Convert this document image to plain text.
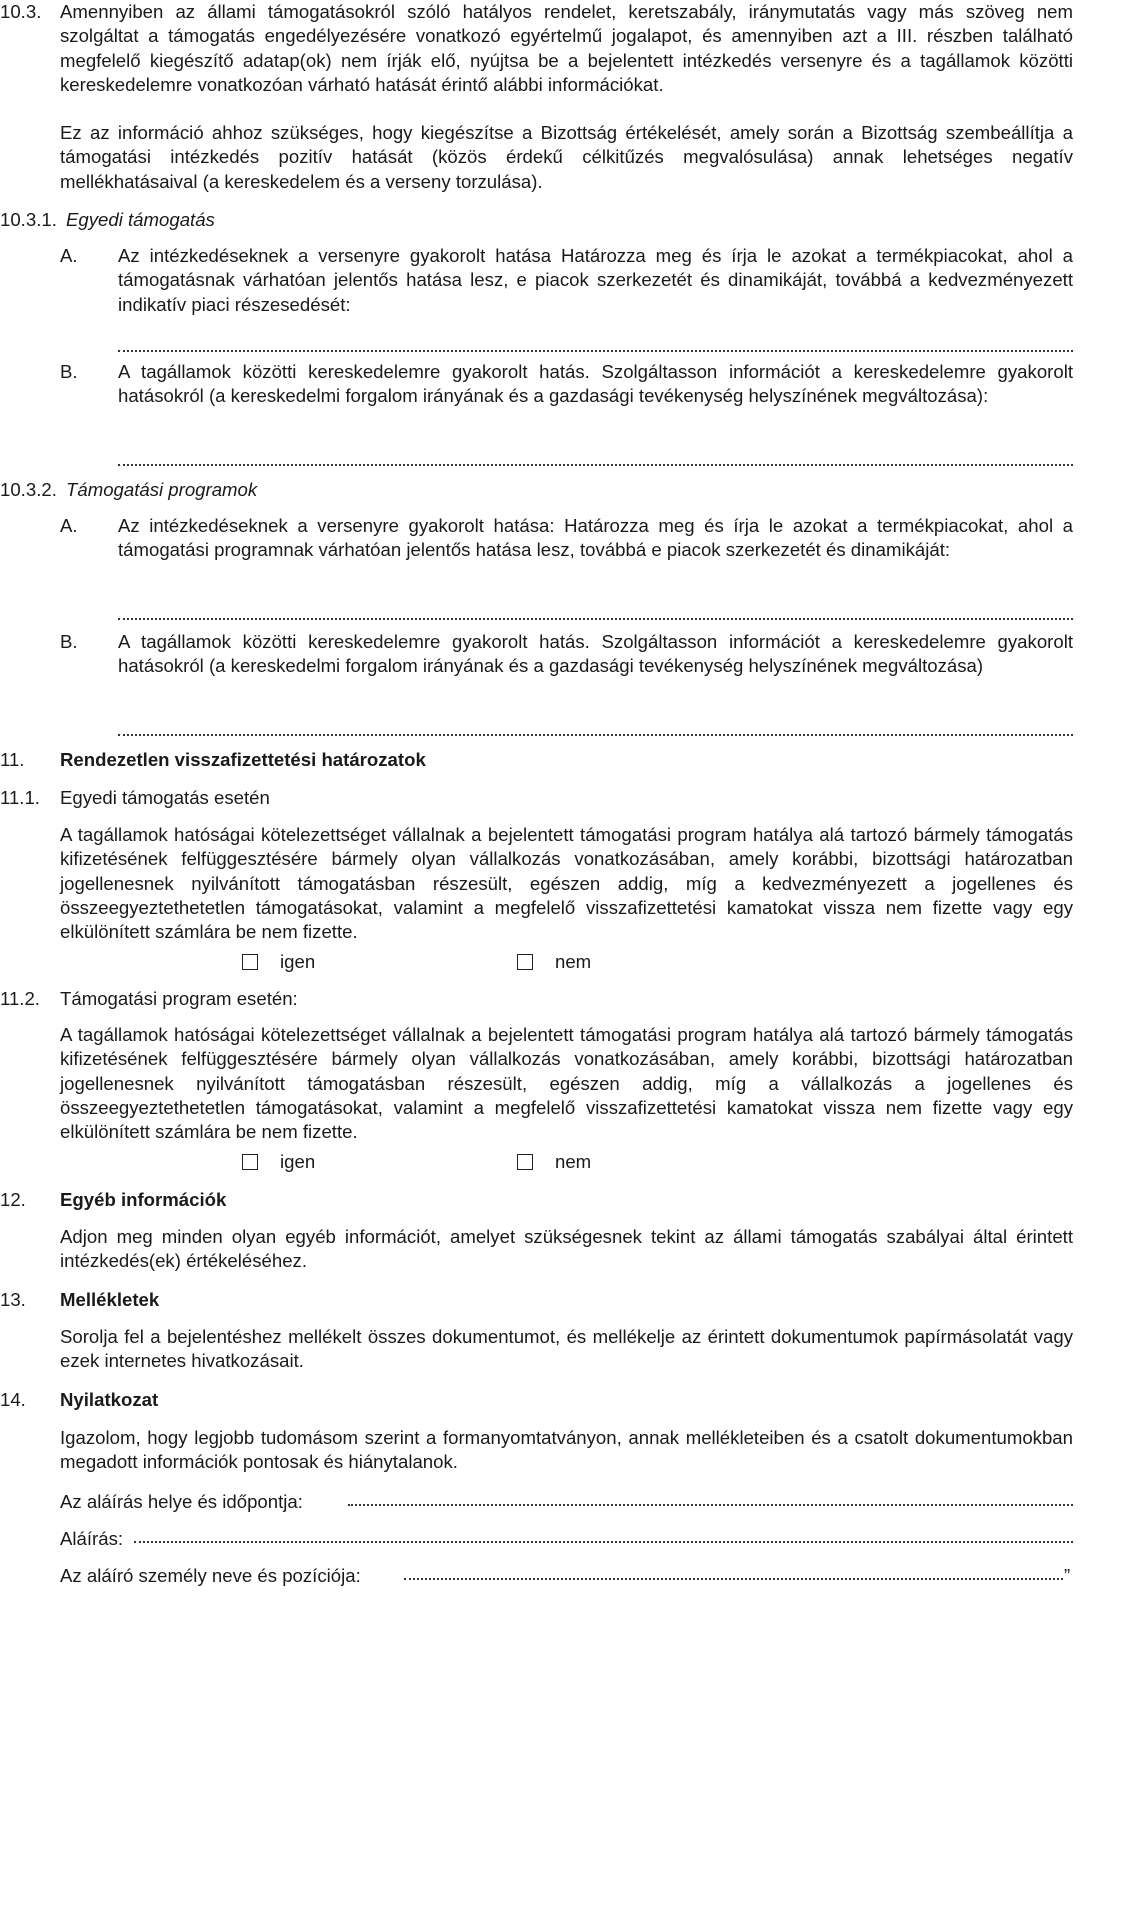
10.3. Amennyiben az állami támogatásokról szóló hatályos rendelet, keretszabály, iránymutatás vagy más szöveg nem szolgáltat a támogatás engedélyezésére vonatkozó egyértelmű jogalapot, és amennyiben azt a III. részben található megfelelő kiegészítő adatap(ok) nem írják elő, nyújtsa be a bejelentett intézkedés versenyre és a tagállamok közötti kereskedelemre vonatkozóan várható hatását érintő alábbi információkat.
Ez az információ ahhoz szükséges, hogy kiegészítse a Bizottság értékelését, amely során a Bizottság szembeállítja a támogatási intézkedés pozitív hatását (közös érdekű célkitűzés megvalósulása) annak lehetséges negatív mellékhatásaival (a kereskedelem és a verseny torzulása).
10.3.1. Egyedi támogatás
A. Az intézkedéseknek a versenyre gyakorolt hatása Határozza meg és írja le azokat a termékpiacokat, ahol a támogatásnak várhatóan jelentős hatása lesz, e piacok szerkezetét és dinamikáját, továbbá a kedvezményezett indikatív piaci részesedését:
B. A tagállamok közötti kereskedelemre gyakorolt hatás. Szolgáltasson információt a kereskedelemre gyakorolt hatásokról (a kereskedelmi forgalom irányának és a gazdasági tevékenység helyszínének megváltozása):
10.3.2. Támogatási programok
A. Az intézkedéseknek a versenyre gyakorolt hatása: Határozza meg és írja le azokat a termékpiacokat, ahol a támogatási programnak várhatóan jelentős hatása lesz, továbbá e piacok szerkezetét és dinamikáját:
B. A tagállamok közötti kereskedelemre gyakorolt hatás. Szolgáltasson információt a kereskedelemre gyakorolt hatásokról (a kereskedelmi forgalom irányának és a gazdasági tevékenység helyszínének megváltozása)
11. Rendezetlen visszafizettetési határozatok
11.1. Egyedi támogatás esetén
A tagállamok hatóságai kötelezettséget vállalnak a bejelentett támogatási program hatálya alá tartozó bármely támogatás kifizetésének felfüggesztésére bármely olyan vállalkozás vonatkozásában, amely korábbi, bizottsági határozatban jogellenesnek nyilvánított támogatásban részesült, egészen addig, míg a kedvezményezett a jogellenes és összeegyeztethetetlen támogatásokat, valamint a megfelelő visszafizettetési kamatokat vissza nem fizette vagy egy elkülönített számlára be nem fizette.
igen	nem
11.2. Támogatási program esetén:
A tagállamok hatóságai kötelezettséget vállalnak a bejelentett támogatási program hatálya alá tartozó bármely támogatás kifizetésének felfüggesztésére bármely olyan vállalkozás vonatkozásában, amely korábbi, bizottsági határozatban jogellenesnek nyilvánított támogatásban részesült, egészen addig, míg a vállalkozás a jogellenes és összeegyeztethetetlen támogatásokat, valamint a megfelelő visszafizettetési kamatokat vissza nem fizette vagy egy elkülönített számlára be nem fizette.
igen	nem
12. Egyéb információk
Adjon meg minden olyan egyéb információt, amelyet szükségesnek tekint az állami támogatás szabályai által érintett intézkedés(ek) értékeléséhez.
13. Mellékletek
Sorolja fel a bejelentéshez mellékelt összes dokumentumot, és mellékelje az érintett dokumentumok papírmásolatát vagy ezek internetes hivatkozásait.
14. Nyilatkozat
Igazolom, hogy legjobb tudomásom szerint a formanyomtatványon, annak mellékleteiben és a csatolt dokumentumokban megadott információk pontosak és hiánytalanok.
Az aláírás helye és időpontja:
Aláírás:
Az aláíró személy neve és pozíciója:	”
